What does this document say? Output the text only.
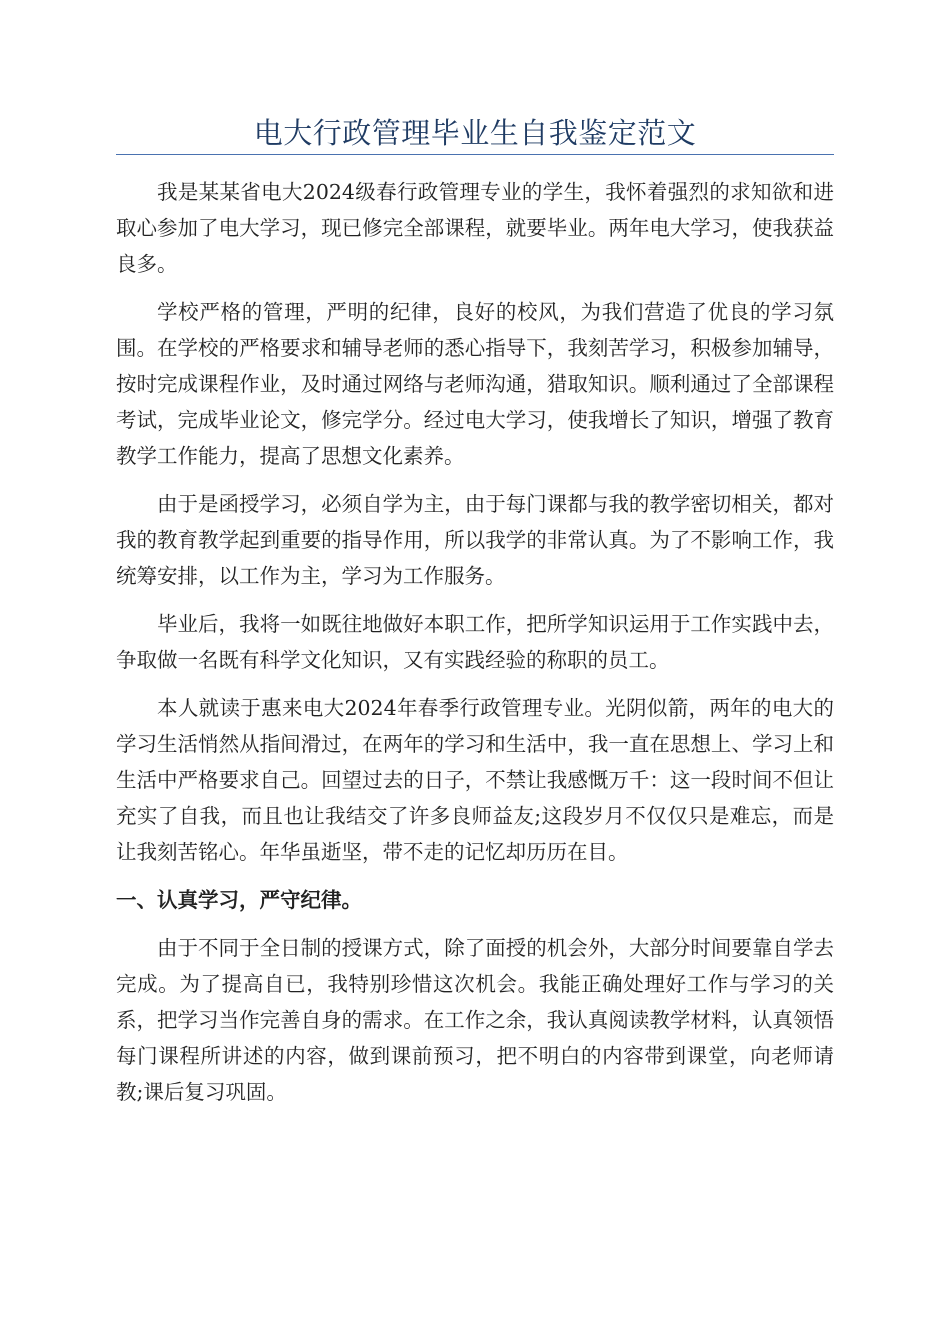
电大行政管理毕业生自我鉴定范文

我是某某省电大2024级春行政管理专业的学生，我怀着强烈的求知欲和进取心参加了电大学习，现已修完全部课程，就要毕业。两年电大学习，使我获益良多。

学校严格的管理，严明的纪律，良好的校风，为我们营造了优良的学习氛围。在学校的严格要求和辅导老师的悉心指导下，我刻苦学习，积极参加辅导，按时完成课程作业，及时通过网络与老师沟通，猎取知识。顺利通过了全部课程考试，完成毕业论文，修完学分。经过电大学习，使我增长了知识，增强了教育教学工作能力，提高了思想文化素养。

由于是函授学习，必须自学为主，由于每门课都与我的教学密切相关，都对我的教育教学起到重要的指导作用，所以我学的非常认真。为了不影响工作，我统筹安排，以工作为主，学习为工作服务。

毕业后，我将一如既往地做好本职工作，把所学知识运用于工作实践中去，争取做一名既有科学文化知识，又有实践经验的称职的员工。

本人就读于惠来电大2024年春季行政管理专业。光阴似箭，两年的电大的学习生活悄然从指间滑过，在两年的学习和生活中，我一直在思想上、学习上和生活中严格要求自己。回望过去的日子，不禁让我感慨万千：这一段时间不但让充实了自我，而且也让我结交了许多良师益友;这段岁月不仅仅只是难忘，而是让我刻苦铭心。年华虽逝坚，带不走的记忆却历历在目。

一、认真学习，严守纪律。

由于不同于全日制的授课方式，除了面授的机会外，大部分时间要靠自学去完成。为了提高自已，我特别珍惜这次机会。我能正确处理好工作与学习的关系，把学习当作完善自身的需求。在工作之余，我认真阅读教学材料，认真领悟每门课程所讲述的内容，做到课前预习，把不明白的内容带到课堂，向老师请教;课后复习巩固。
